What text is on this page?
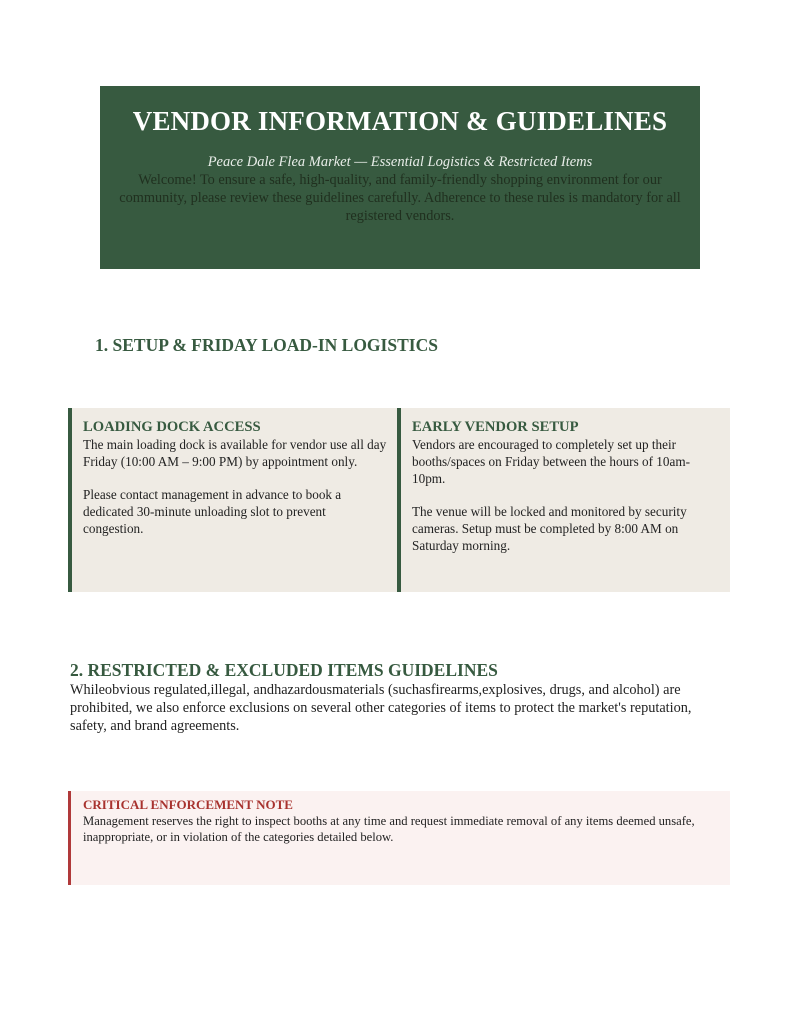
VENDOR INFORMATION & GUIDELINES
Peace Dale Flea Market — Essential Logistics & Restricted Items
Welcome! To ensure a safe, high-quality, and family-friendly shopping environment for our community, please review these guidelines carefully. Adherence to these rules is mandatory for all registered vendors.
1. SETUP & FRIDAY LOAD-IN LOGISTICS
LOADING DOCK ACCESS

The main loading dock is available for vendor use all day Friday (10:00 AM – 9:00 PM) by appointment only.

Please contact management in advance to book a dedicated 30-minute unloading slot to prevent congestion.

EARLY VENDOR SETUP

Vendors are encouraged to completely set up their booths/spaces on Friday between the hours of 10am-10pm.

The venue will be locked and monitored by security cameras. Setup must be completed by 8:00 AM on Saturday morning.

2. RESTRICTED & EXCLUDED ITEMS GUIDELINES

Whileobvious regulated,illegal, andhazardousmaterials (suchasfirearms,explosives, drugs, and alcohol) are prohibited, we also enforce exclusions on several other categories of items to protect the market's reputation, safety, and brand agreements.

CRITICAL ENFORCEMENT NOTE

Management reserves the right to inspect booths at any time and request immediate removal of any items deemed unsafe, inappropriate, or in violation of the categories detailed below.
